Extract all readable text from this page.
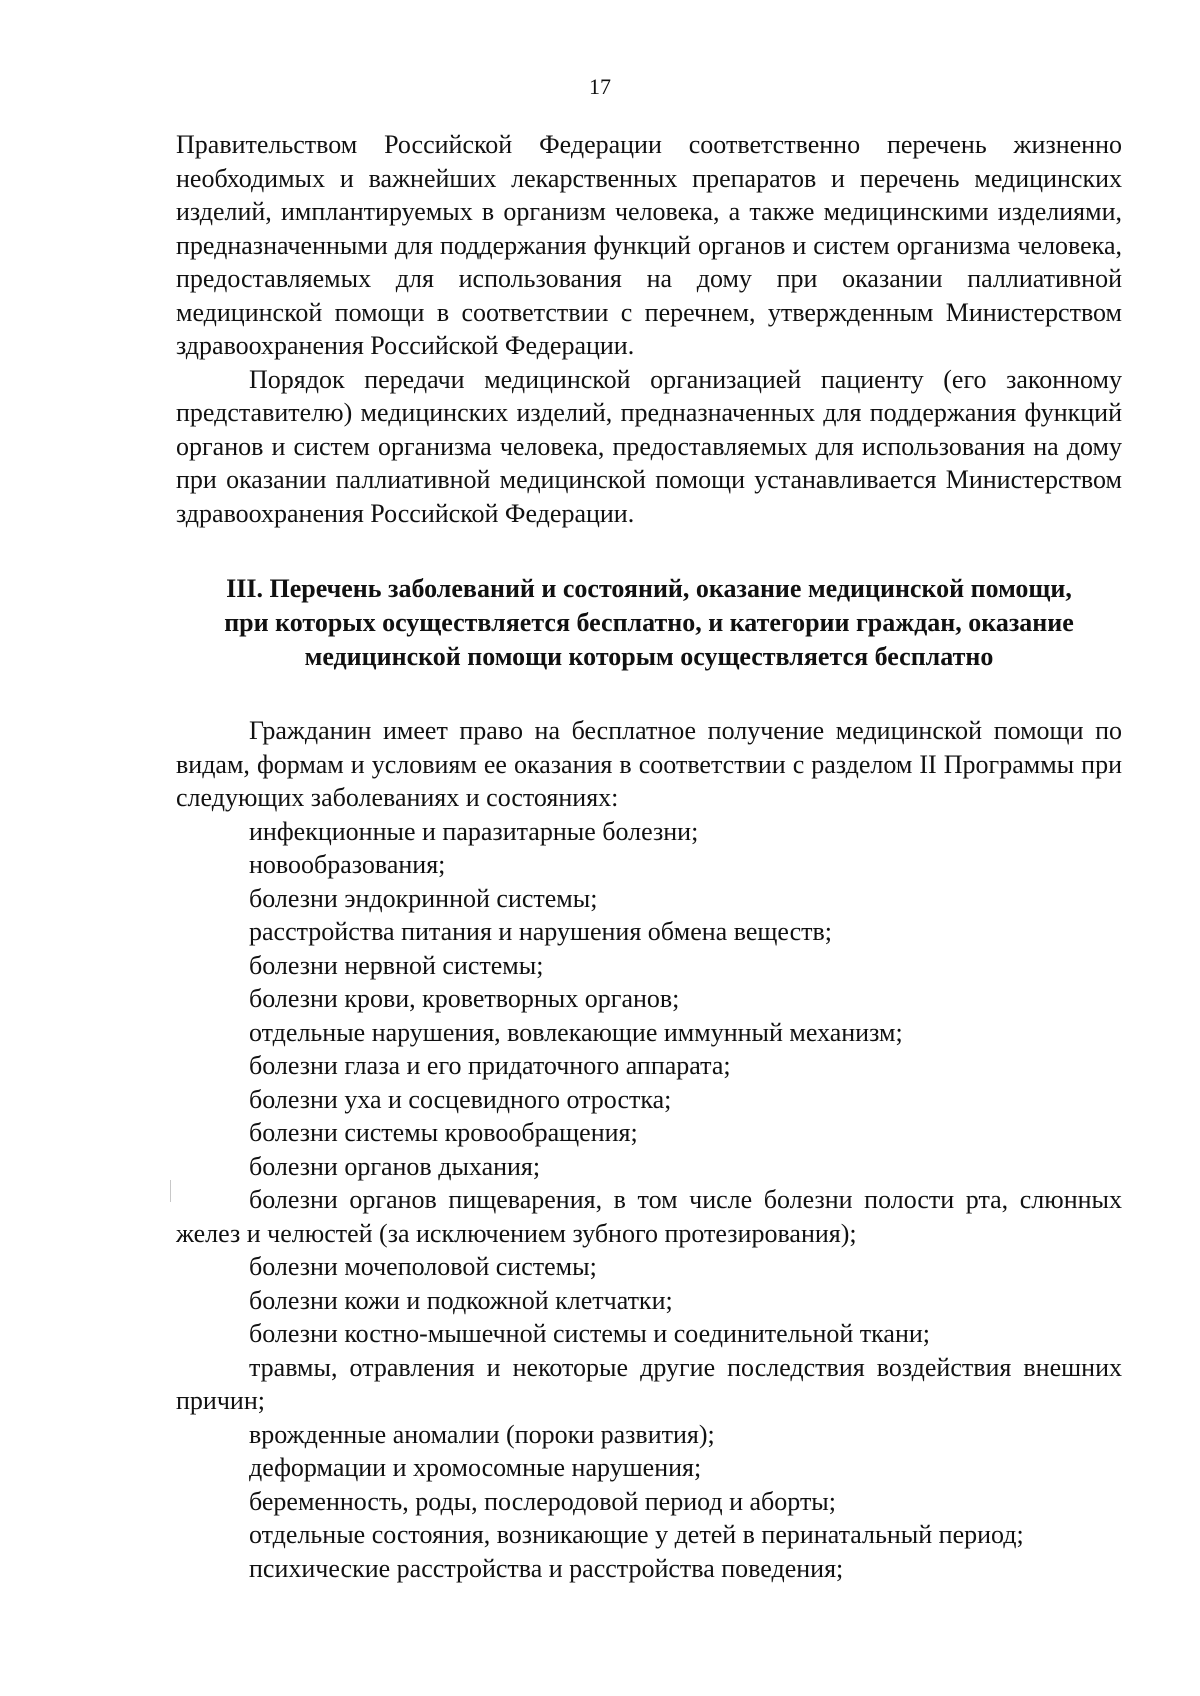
17

Правительством Российской Федерации соответственно перечень жизненно необходимых и важнейших лекарственных препаратов и перечень медицинских изделий, имплантируемых в организм человека, а также медицинскими изделиями, предназначенными для поддержания функций органов и систем организма человека, предоставляемых для использования на дому при оказании паллиативной медицинской помощи в соответствии с перечнем, утвержденным Министерством здравоохранения Российской Федерации.

Порядок передачи медицинской организацией пациенту (его законному представителю) медицинских изделий, предназначенных для поддержания функций органов и систем организма человека, предоставляемых для использования на дому при оказании паллиативной медицинской помощи устанавливается Министерством здравоохранения Российской Федерации.

III. Перечень заболеваний и состояний, оказание медицинской помощи,
при которых осуществляется бесплатно, и категории граждан, оказание
медицинской помощи которым осуществляется бесплатно

Гражданин имеет право на бесплатное получение медицинской помощи по видам, формам и условиям ее оказания в соответствии с разделом II Программы при следующих заболеваниях и состояниях:

инфекционные и паразитарные болезни;
новообразования;
болезни эндокринной системы;
расстройства питания и нарушения обмена веществ;
болезни нервной системы;
болезни крови, кроветворных органов;
отдельные нарушения, вовлекающие иммунный механизм;
болезни глаза и его придаточного аппарата;
болезни уха и сосцевидного отростка;
болезни системы кровообращения;
болезни органов дыхания;
болезни органов пищеварения, в том числе болезни полости рта, слюнных желез и челюстей (за исключением зубного протезирования);
болезни мочеполовой системы;
болезни кожи и подкожной клетчатки;
болезни костно-мышечной системы и соединительной ткани;
травмы, отравления и некоторые другие последствия воздействия внешних причин;
врожденные аномалии (пороки развития);
деформации и хромосомные нарушения;
беременность, роды, послеродовой период и аборты;
отдельные состояния, возникающие у детей в перинатальный период;
психические расстройства и расстройства поведения;
